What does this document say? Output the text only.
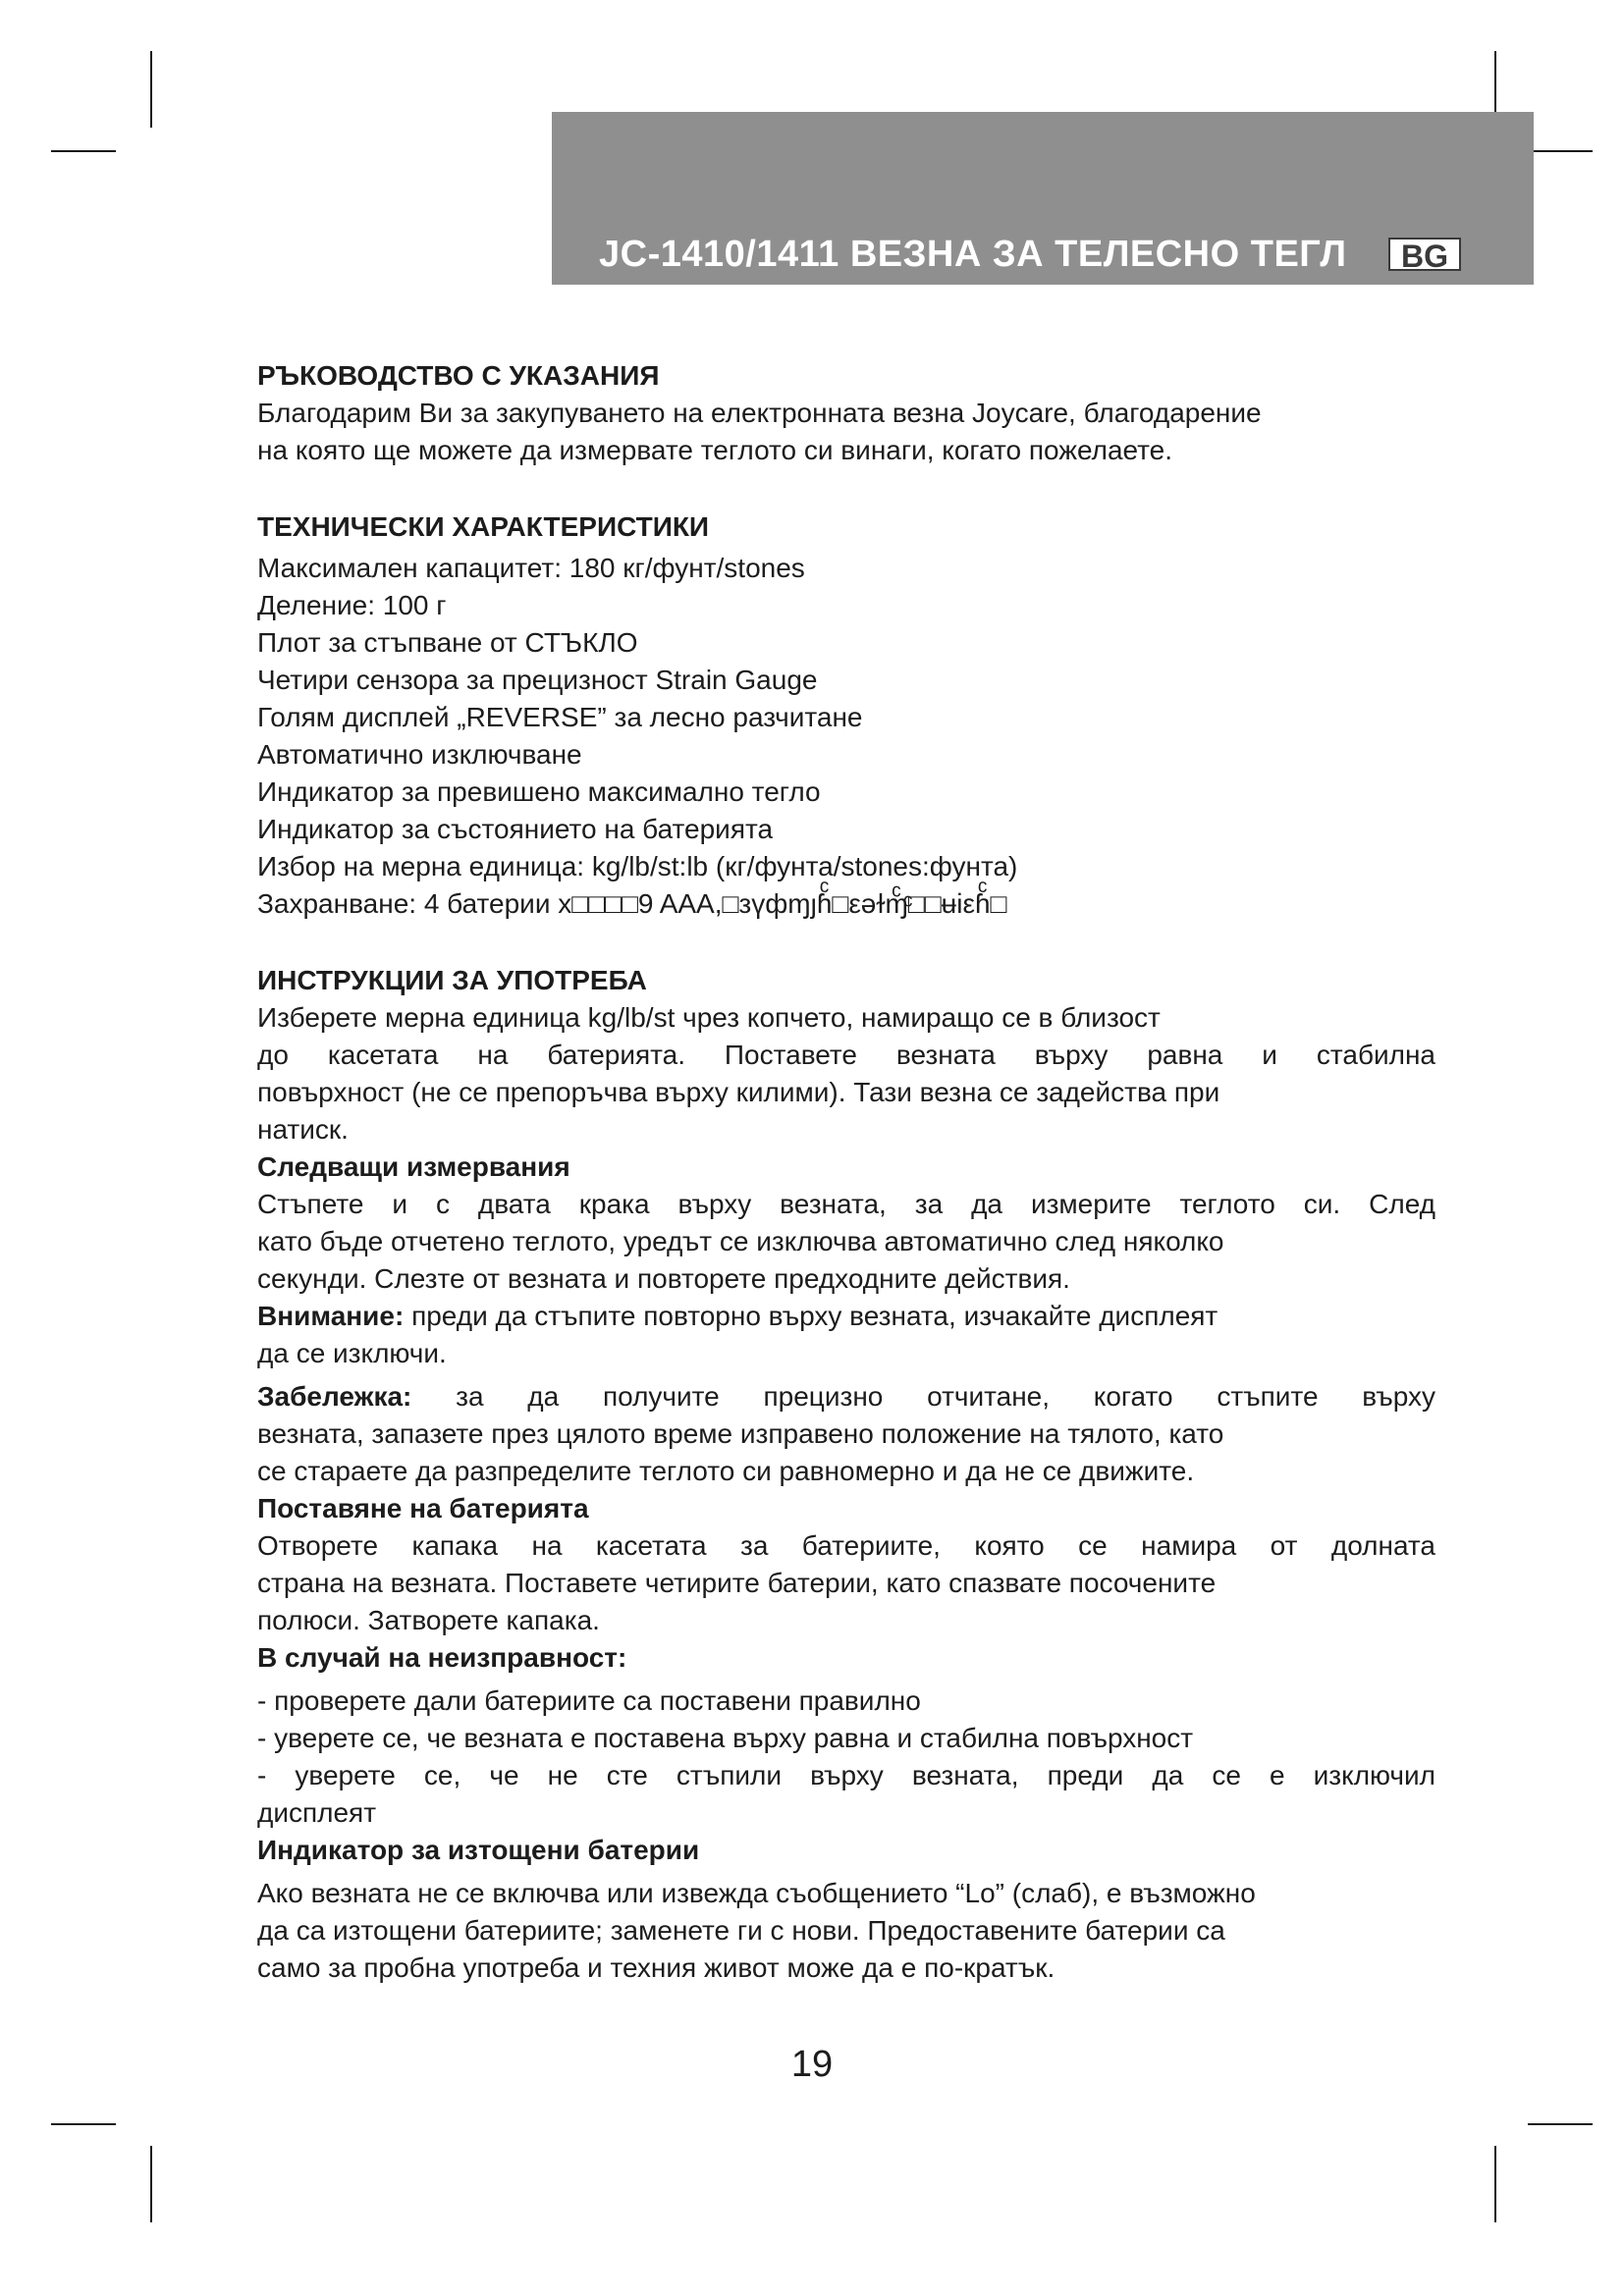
JC-1410/1411 ВЕЗНА ЗА ТЕЛЕСНО ТЕГЛ	BG
РЪКОВОДСТВО С УКАЗАНИЯ

Благодарим Ви за закупуването на електронната везна Joycare, благодарение

на която ще можете да измервате теглото си винаги, когато пожелаете.

ТЕХНИЧЕСКИ ХАРАКТЕРИСТИКИ

Максимален капацитет: 180 кг/фунт/stones

Деление: 100 г

Плот за стъпване от СТЪКЛО

Четири сензора за прецизност Strain Gauge

Голям дисплей „REVERSE” за лесно разчитане

Автоматично изключване

Индикатор за превишено максимално тегло

Индикатор за състоянието на батерията

Избор на мерна единица: kg/lb/st:lb (кг/фунта/stones:фунта)

Захранване: 4 батерии x□□□□9 AAA,□зүфɱȷɦͨ□εəɫɱͨͨ□□ʉіεɦͨ□

ИНСТРУКЦИИ ЗА УПОТРЕБА

Изберете мерна единица kg/lb/st чрез копчето, намиращо се в близост

до касетата на батерията. Поставете везната върху равна и стабилна

повърхност (не се препоръчва върху килими). Тази везна се задейства при

натиск.

Следващи измервания

Стъпете и с двата крака върху везната, за да измерите теглото си. След

като бъде отчетено теглото, уредът се изключва автоматично след няколко

секунди. Слезте от везната и повторете предходните действия.

Внимание: преди да стъпите повторно върху везната, изчакайте дисплеят

да се изключи.

Забележка: за да получите прецизно отчитане, когато стъпите върху

везната, запазете през цялото време изправено положение на тялото, като

се стараете да разпределите теглото си равномерно и да не се движите.

Поставяне на батерията

Отворете капака на касетата за батериите, която се намира от долната

страна на везната. Поставете четирите батерии, като спазвате посочените

полюси. Затворете капака.

В случай на неизправност:

- проверете дали батериите са поставени правилно

- уверете се, че везната е поставена върху равна и стабилна повърхност

- уверете се, че не сте стъпили върху везната, преди да се е изключил

дисплеят

Индикатор за изтощени батерии

Ако везната не се включва или извежда съобщението “Lo” (слаб), е възможно

да са изтощени батериите; заменете ги с нови. Предоставените батерии са

само за пробна употреба и техния живот може да е по-кратък.

19
